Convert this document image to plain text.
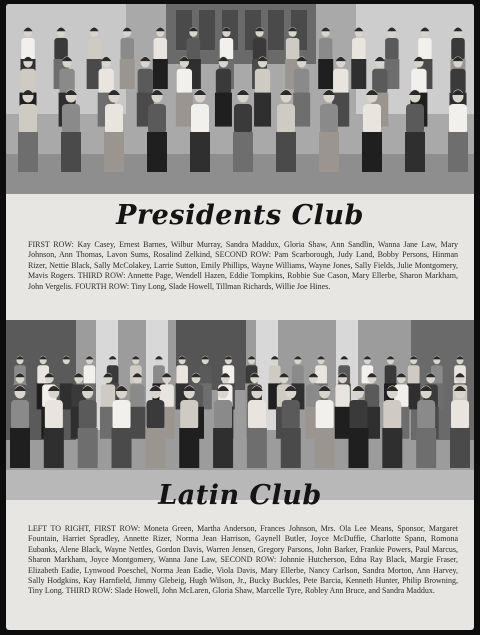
Presidents Club

FIRST ROW: Kay Casey, Ernest Barnes, Wilbur Murray, Sandra Maddux, Gloria Shaw, Ann Sandlin, Wanna Jane Law, Mary Johnson, Ann Thomas, Lavon Sums, Rosalind Zelkind, SECOND ROW: Pam Scarborough, Judy Land, Bobby Persons, Hinman Rizer, Nettie Black, Sally McColakey, Larrie Sutton, Emily Phillips, Wayne Williams, Wayne Jones, Sally Fields, Julie Montgomery, Mavis Rogers. THIRD ROW: Annette Page, Wendell Hazen, Eddie Tompkins, Robbie Sue Cason, Mary Ellerbe, Sharon Markham, John Vergelis. FOURTH ROW: Tiny Long, Slade Howell, Tillman Richards, Willie Joe Hines.

Latin Club

LEFT TO RIGHT, FIRST ROW: Moneta Green, Martha Anderson, Frances Johnson, Mrs. Ola Lee Means, Sponsor, Margaret Fountain, Harriet Spradley, Annette Rizer, Norma Jean Harrison, Gaynell Butler, Joyce McDuffie, Charlotte Spann, Romona Eubanks, Alene Black, Wayne Nettles, Gordon Davis, Warren Jensen, Gregory Parsons, John Barker, Frankie Powers, Paul Marcus, Sharon Markham, Joyce Montgomery, Wanna Jane Law, SECOND ROW: Johnnie Hutcherson, Edna Ray Black, Margie Fraser, Elizabeth Eadie, Lynwood Poeschel, Norma Jean Eadie, Viola Davis, Mary Ellerbe, Nancy Carlson, Sandra Morton, Ann Harvey, Sally Hodgkins, Kay Harnfield, Jimmy Glebeig, Hugh Wilson, Jr., Bucky Buckles, Pete Barcia, Kenneth Hunter, Philip Browning, Tiny Long. THIRD ROW: Slade Howell, John McLaren, Gloria Shaw, Marcelle Tyre, Robley Ann Bruce, and Sandra Maddux.
